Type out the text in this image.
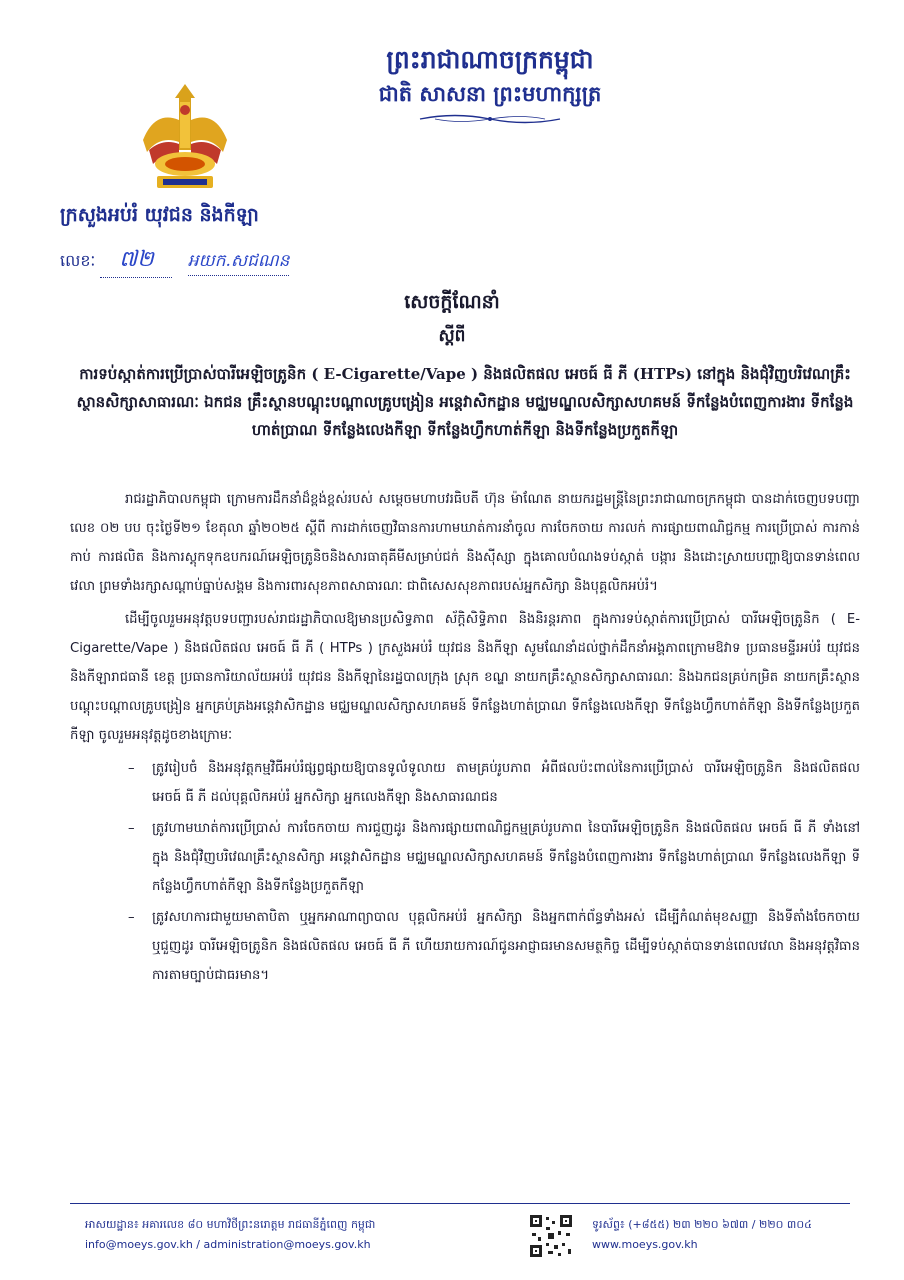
ព្រះរាជាណាចក្រកម្ពុជា
ជាតិ សាសនា ព្រះមហាក្សត្រ
ក្រសួងអប់រំ យុវជន និងកីឡា
លេខៈ ៧២ អយក.សជណន
សេចក្តីណែនាំ
ស្តីពី
ការទប់ស្កាត់ការប្រើប្រាស់បារីអេឡិចត្រូនិក ( E-Cigarette/Vape ) និងផលិតផល អេចធ៍ ធី ភី (HTPs) នៅក្នុង និងជុំវិញបរិវេណគ្រឹះស្ថានសិក្សាសាធារណៈ ឯកជន គ្រឹះស្ថានបណ្តុះបណ្តាលគ្រូបង្រៀន អន្តេវាសិកដ្ឋាន មជ្ឈមណ្ឌលសិក្សាសហគមន៍ ទីកន្លែងបំពេញការងារ ទីកន្លែងហាត់ប្រាណ ទីកន្លែងលេងកីឡា ទីកន្លែងហ្វឹកហាត់កីឡា និងទីកន្លែងប្រកួតកីឡា

រាជរដ្ឋាភិបាលកម្ពុជា ក្រោមការដឹកនាំដ៏ខ្ពង់ខ្ពស់របស់ សម្តេចមហាបវរធិបតី ហ៊ុន ម៉ាណែត នាយករដ្ឋមន្ត្រីនៃព្រះរាជាណាចក្រកម្ពុជា បានដាក់ចេញបទបញ្ជា លេខ ០២ បប ចុះថ្ងៃទី២១ ខែតុលា ឆ្នាំ២០២៥ ស្តីពី ការដាក់ចេញវិធានការហាមឃាត់ការនាំចូល ការចែកចាយ ការលក់ ការផ្សាយពាណិជ្ជកម្ម ការប្រើប្រាស់ ការកាន់កាប់ ការផលិត និងការស្តុកទុកឧបករណ៍អេឡិចត្រូនិចនិងសារធាតុគីមីសម្រាប់ជក់ និងស៊ីស្សា ក្នុងគោលបំណងទប់ស្កាត់ បង្ការ និងដោះស្រាយបញ្ហាឱ្យបានទាន់ពេលវេលា ព្រមទាំងរក្សាសណ្តាប់ធ្នាប់សង្គម និងការពារសុខភាពសាធារណៈ ជាពិសេសសុខភាពរបស់អ្នកសិក្សា និងបុគ្គលិកអប់រំ។

ដើម្បីចូលរួមអនុវត្តបទបញ្ជារបស់រាជរដ្ឋាភិបាលឱ្យមានប្រសិទ្ធភាព ស័ក្តិសិទ្ធិភាព និងនិរន្តរភាព ក្នុងការទប់ស្កាត់ការប្រើប្រាស់ បារីអេឡិចត្រូនិក ( E-Cigarette/Vape ) និងផលិតផល អេចធ៍ ធី ភី ( HTPs ) ក្រសួងអប់រំ យុវជន និងកីឡា សូមណែនាំដល់ថ្នាក់ដឹកនាំអង្គភាពក្រោមឱវាទ ប្រធានមន្ទីរអប់រំ យុវជន និងកីឡារាជធានី ខេត្ត ប្រធានការិយាល័យអប់រំ យុវជន និងកីឡានៃរដ្ឋបាលក្រុង ស្រុក ខណ្ឌ នាយកគ្រឹះស្ថានសិក្សាសាធារណៈ និងឯកជនគ្រប់កម្រិត នាយកគ្រឹះស្ថានបណ្តុះបណ្តាលគ្រូបង្រៀន អ្នកគ្រប់គ្រងអន្តេវាសិកដ្ឋាន មជ្ឈមណ្ឌលសិក្សាសហគមន៍ ទីកន្លែងហាត់ប្រាណ ទីកន្លែងលេងកីឡា ទីកន្លែងហ្វឹកហាត់កីឡា និងទីកន្លែងប្រកួតកីឡា ចូលរួមអនុវត្តដូចខាងក្រោមៈ

– ត្រូវរៀបចំ និងអនុវត្តកម្មវិធីអប់រំផ្សព្វផ្សាយឱ្យបានទូលំទូលាយ តាមគ្រប់រូបភាព អំពីផលប៉ះពាល់នៃការប្រើប្រាស់ បារីអេឡិចត្រូនិក និងផលិតផល អេចធ៍ ធី ភី ដល់បុគ្គលិកអប់រំ អ្នកសិក្សា អ្នកលេងកីឡា និងសាធារណជន
– ត្រូវហាមឃាត់ការប្រើប្រាស់ ការចែកចាយ ការជួញដូរ និងការផ្សាយពាណិជ្ជកម្មគ្រប់រូបភាព នៃបារីអេឡិចត្រូនិក និងផលិតផល អេចធ៍ ធី ភី ទាំងនៅក្នុង និងជុំវិញបរិវេណគ្រឹះស្ថានសិក្សា អន្តេវាសិកដ្ឋាន មជ្ឈមណ្ឌលសិក្សាសហគមន៍ ទីកន្លែងបំពេញការងារ ទីកន្លែងហាត់ប្រាណ ទីកន្លែងលេងកីឡា ទីកន្លែងហ្វឹកហាត់កីឡា និងទីកន្លែងប្រកួតកីឡា
– ត្រូវសហការជាមួយមាតាបិតា ឬអ្នកអាណាព្យាបាល បុគ្គលិកអប់រំ អ្នកសិក្សា និងអ្នកពាក់ព័ន្ធទាំងអស់ ដើម្បីកំណត់មុខសញ្ញា និងទីតាំងចែកចាយ ឬជួញដូរ បារីអេឡិចត្រូនិក និងផលិតផល អេចធ៍ ធី ភី ហើយរាយការណ៍ជូនអាជ្ញាធរមានសមត្ថកិច្ច ដើម្បីទប់ស្កាត់បានទាន់ពេលវេលា និងអនុវត្តវិធានការតាមច្បាប់ជាធរមាន។
អាសយដ្ឋាន៖ អគារលេខ ៨០ មហាវិថីព្រះនរោត្តម រាជធានីភ្នំពេញ កម្ពុជា
info@moeys.gov.kh / administration@moeys.gov.kh
ទូរស័ព្ទ៖ (+៨៥៥) ២៣ ២២០ ៦៧៣ / ២២០ ៣០៤
www.moeys.gov.kh
